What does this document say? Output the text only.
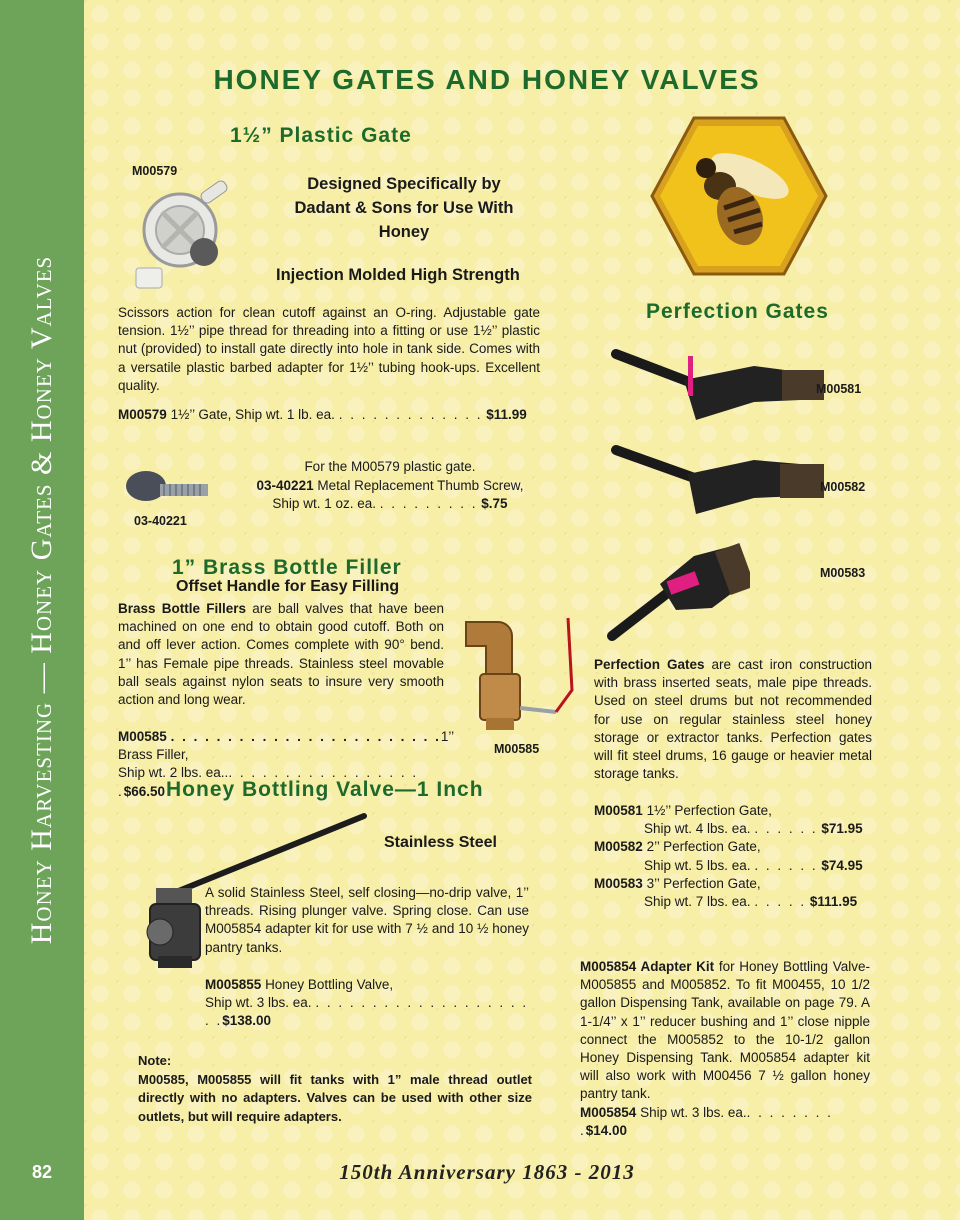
Honey Harvesting — Honey Gates & Honey Valves
82
HONEY GATES AND HONEY VALVES
1½” Plastic Gate
M00579
Designed Specifically by Dadant & Sons for Use With Honey
Injection Molded High Strength
Scissors action for clean cutoff against an O-ring. Adjustable gate tension. 1½’’ pipe thread for threading into a fitting or use 1½’’ plastic nut (provided) to install gate directly into hole in tank side. Comes with a versatile plastic barbed adapter for 1½’’ tubing hook-ups. Excellent quality.
M00579 1½’’ Gate, Ship wt. 1 lb. ea. . . . . . . . . . . . . . $11.99
03-40221
For the M00579 plastic gate.
03-40221 Metal Replacement Thumb Screw,
Ship wt. 1 oz. ea. . . . . . . . . . $.75
1” Brass Bottle Filler
Offset Handle for Easy Filling
Brass Bottle Fillers are ball valves that have been machined on one end to obtain good cutoff. Both on and off lever action. Comes complete with 90° bend. 1’’ has Female pipe threads. Stainless steel movable ball seals against nylon seats to insure very smooth action and long wear.
M00585 . . . . . . . . . . . . . . . . . . . . . . . .1’’ Brass Filler,
Ship wt. 2 lbs. ea... . . . . . . . . . . . . . . . . .$66.50
M00585
Honey Bottling Valve—1 Inch
Stainless Steel
A solid Stainless Steel, self closing—no-drip valve, 1’’ threads. Rising plunger valve. Spring close. Can use M005854 adapter kit for use with 7 ½ and 10 ½ honey pantry tanks.
M005855 Honey Bottling Valve,
Ship wt. 3 lbs. ea. . . . . . . . . . . . . . . . . . . . . .$138.00
Note:
M00585, M005855 will fit tanks with 1” male thread outlet directly with no adapters. Valves can be used with other size outlets, but will require adapters.
Perfection Gates
M00581
M00582
M00583
Perfection Gates are cast iron construction with brass inserted seats, male pipe threads. Used on steel drums but not recommended for use on regular stainless steel honey storage or extractor tanks. Perfection gates will fit steel drums, 16 gauge or heavier metal storage tanks.
M00581 1½’’ Perfection Gate,
Ship wt. 4 lbs. ea. . . . . . . $71.95
M00582 2’’ Perfection Gate,
Ship wt. 5 lbs. ea. . . . . . . $74.95
M00583 3’’ Perfection Gate,
Ship wt. 7 lbs. ea. . . . . . $111.95
M005854 Adapter Kit for Honey Bottling Valve-M005855 and M005852. To fit M00455, 10 1/2 gallon Dispensing Tank, available on page 79. A 1-1/4’’ x 1’’ reducer bushing and 1’’ close nipple connect the M005852 to the 10-1/2 gallon Honey Dispensing Tank. M005854 adapter kit will also work with M00456 7 ½ gallon honey pantry tank.
M005854 Ship wt. 3 lbs. ea.. . . . . . . . .$14.00
150th Anniversary 1863 - 2013
